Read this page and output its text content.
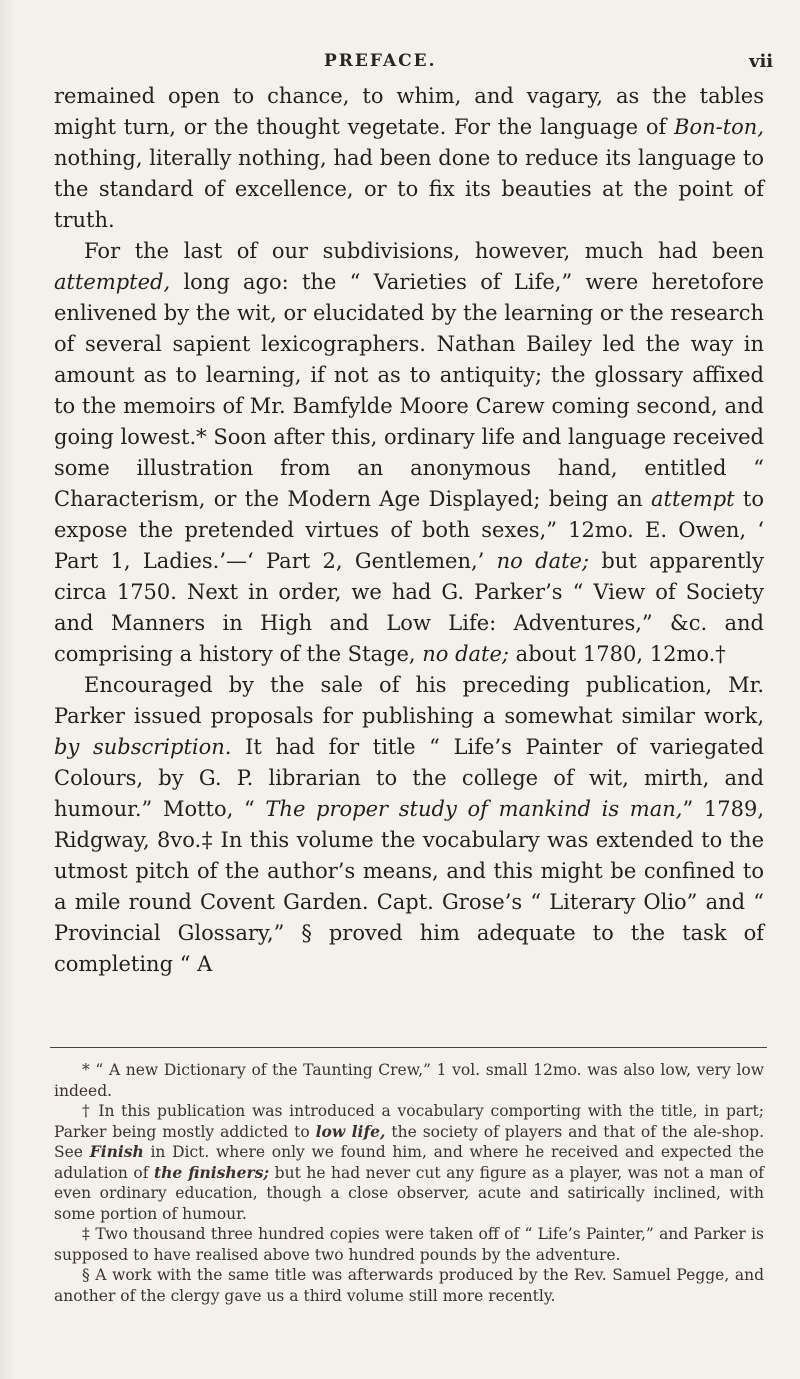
PREFACE.	vii

remained open to chance, to whim, and vagary, as the tables might turn, or the thought vegetate. For the language of Bon-ton, nothing, literally nothing, had been done to reduce its language to the standard of excellence, or to fix its beauties at the point of truth.

For the last of our subdivisions, however, much had been attempted, long ago: the “ Varieties of Life,” were heretofore enlivened by the wit, or elucidated by the learning or the research of several sapient lexicographers. Nathan Bailey led the way in amount as to learning, if not as to antiquity; the glossary affixed to the memoirs of Mr. Bamfylde Moore Carew coming second, and going lowest.* Soon after this, ordinary life and language received some illustration from an anonymous hand, entitled “ Characterism, or the Modern Age Displayed; being an attempt to expose the pretended virtues of both sexes,” 12mo. E. Owen, ‘ Part 1, Ladies.’—‘ Part 2, Gentlemen,’ no date; but apparently circa 1750. Next in order, we had G. Parker’s “ View of Society and Manners in High and Low Life: Adventures,” &c. and comprising a history of the Stage, no date; about 1780, 12mo.†

Encouraged by the sale of his preceding publication, Mr. Parker issued proposals for publishing a somewhat similar work, by subscription. It had for title “ Life’s Painter of variegated Colours, by G. P. librarian to the college of wit, mirth, and humour.” Motto, “ The proper study of mankind is man,” 1789, Ridgway, 8vo.‡ In this volume the vocabulary was extended to the utmost pitch of the author’s means, and this might be confined to a mile round Covent Garden. Capt. Grose’s “ Literary Olio” and “ Provincial Glossary,” § proved him adequate to the task of completing “ A

* “ A new Dictionary of the Taunting Crew,” 1 vol. small 12mo. was also low, very low indeed.

† In this publication was introduced a vocabulary comporting with the title, in part; Parker being mostly addicted to low life, the society of players and that of the ale-shop. See Finish in Dict. where only we found him, and where he received and expected the adulation of the finishers; but he had never cut any figure as a player, was not a man of even ordinary education, though a close observer, acute and satirically inclined, with some portion of humour.

‡ Two thousand three hundred copies were taken off of “ Life’s Painter,” and Parker is supposed to have realised above two hundred pounds by the adventure.

§ A work with the same title was afterwards produced by the Rev. Samuel Pegge, and another of the clergy gave us a third volume still more recently.
